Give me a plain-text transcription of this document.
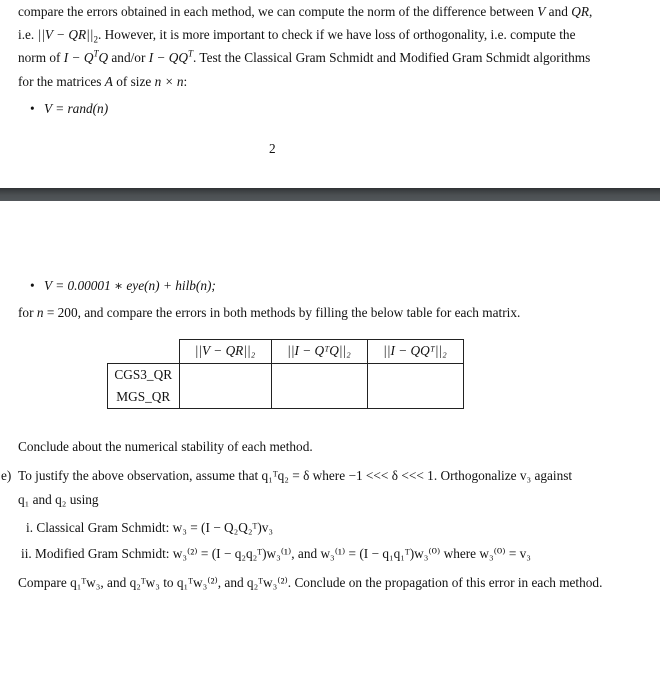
compare the errors obtained in each method, we can compute the norm of the difference between V and QR,
i.e. $||V - QR||_2$. However, it is more important to check if we have loss of orthogonality, i.e. compute the
norm of $I - Q^TQ$ and/or $I - QQ^T$. Test the Classical Gram Schmidt and Modified Gram Schmidt algorithms
for the matrices A of size n × n:
• V = rand(n)
2
• V = 0.00001 ∗ eye(n) + hilb(n);
for n = 200, and compare the errors in both methods by filling the below table for each matrix.
	||V − QR||₂	||I − QᵀQ||₂	||I − QQᵀ||₂
CGS3_QR			
MGS_QR			
Conclude about the numerical stability of each method.
e) To justify the above observation, assume that q₁ᵀq₂ = δ where −1 <<< δ <<< 1. Orthogonalize v₃ against
q₁ and q₂ using
i. Classical Gram Schmidt: w₃ = (I − Q₂Q₂ᵀ)v₃
ii. Modified Gram Schmidt: w₃⁽²⁾ = (I − q₂q₂ᵀ)w₃⁽¹⁾, and w₃⁽¹⁾ = (I − q₁q₁ᵀ)w₃⁽⁰⁾ where w₃⁽⁰⁾ = v₃
Compare q₁ᵀw₃, and q₂ᵀw₃ to q₁ᵀw₃⁽²⁾, and q₂ᵀw₃⁽²⁾. Conclude on the propagation of this error in each method.
